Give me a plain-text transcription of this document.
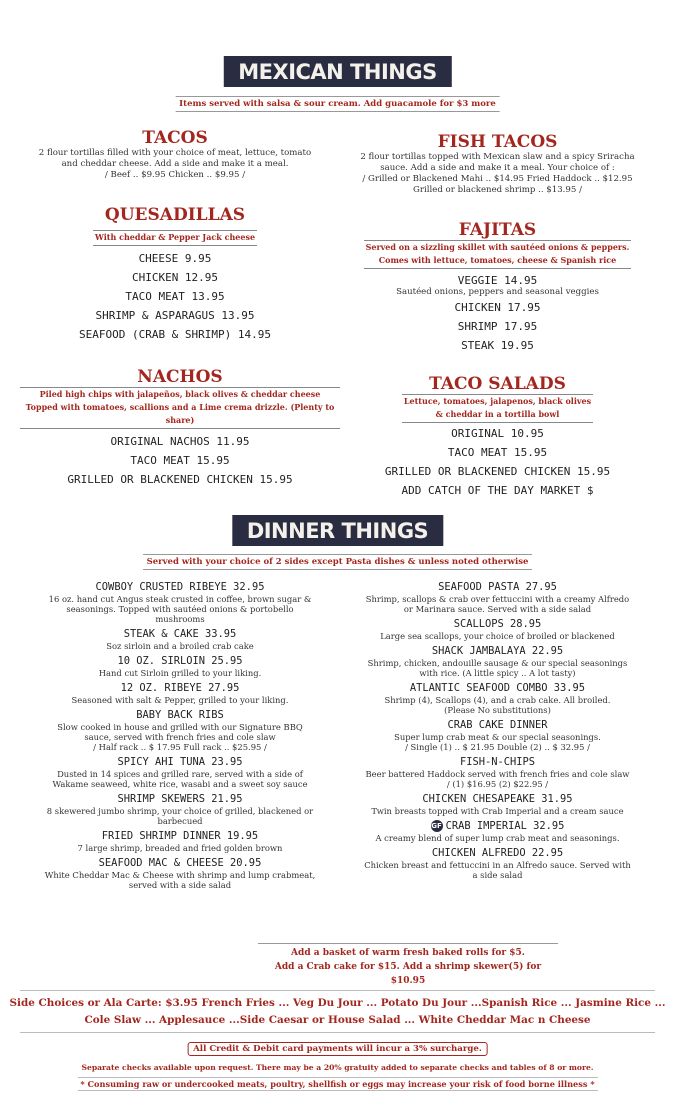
MEXICAN THINGS
Items served with salsa & sour cream. Add guacamole for $3 more
TACOS
2 flour tortillas filled with your choice of meat, lettuce, tomato
and cheddar cheese. Add a side and make it a meal.
/ Beef .. $9.95 Chicken .. $9.95 /
FISH TACOS
2 flour tortillas topped with Mexican slaw and a spicy Sriracha
sauce. Add a side and make it a meal. Your choice of :
/ Grilled or Blackened Mahi .. $14.95 Fried Haddock .. $12.95
Grilled or blackened shrimp .. $13.95 /
QUESADILLAS
With cheddar & Pepper Jack cheese
CHEESE 9.95
CHICKEN 12.95
TACO MEAT 13.95
SHRIMP & ASPARAGUS 13.95
SEAFOOD (CRAB & SHRIMP) 14.95
FAJITAS
Served on a sizzling skillet with sautéed onions & peppers.
Comes with lettuce, tomatoes, cheese & Spanish rice
VEGGIE 14.95
Sautéed onions, peppers and seasonal veggies
CHICKEN 17.95
SHRIMP 17.95
STEAK 19.95
NACHOS
Piled high chips with jalapeños, black olives & cheddar cheese
Topped with tomatoes, scallions and a Lime crema drizzle. (Plenty to share)
ORIGINAL NACHOS 11.95
TACO MEAT 15.95
GRILLED OR BLACKENED CHICKEN 15.95
TACO SALADS
Lettuce, tomatoes, jalapenos, black olives
& cheddar in a tortilla bowl
ORIGINAL 10.95
TACO MEAT 15.95
GRILLED OR BLACKENED CHICKEN 15.95
ADD CATCH OF THE DAY MARKET $
DINNER THINGS
Served with your choice of 2 sides except Pasta dishes & unless noted otherwise
COWBOY CRUSTED RIBEYE 32.95
16 oz. hand cut Angus steak crusted in coffee, brown sugar &
seasonings. Topped with sautéed onions & portobello
mushrooms
STEAK & CAKE 33.95
Soz sirloin and a broiled crab cake
10 OZ. SIRLOIN 25.95
Hand cut Sirloin grilled to your liking.
12 OZ. RIBEYE 27.95
Seasoned with salt & Pepper, grilled to your liking.
BABY BACK RIBS
Slow cooked in house and grilled with our Signature BBQ
sauce, served with french fries and cole slaw
/ Half rack .. $ 17.95 Full rack .. $25.95 /
SPICY AHI TUNA 23.95
Dusted in 14 spices and grilled rare, served with a side of
Wakame seaweed, white rice, wasabi and a sweet soy sauce
SHRIMP SKEWERS 21.95
8 skewered jumbo shrimp, your choice of grilled, blackened or
barbecued
FRIED SHRIMP DINNER 19.95
7 large shrimp, breaded and fried golden brown
SEAFOOD MAC & CHEESE 20.95
White Cheddar Mac & Cheese with shrimp and lump crabmeat,
served with a side salad
SEAFOOD PASTA 27.95
Shrimp, scallops & crab over fettuccini with a creamy Alfredo
or Marinara sauce. Served with a side salad
SCALLOPS 28.95
Large sea scallops, your choice of broiled or blackened
SHACK JAMBALAYA 22.95
Shrimp, chicken, andouille sausage & our special seasonings
with rice. (A little spicy .. A lot tasty)
ATLANTIC SEAFOOD COMBO 33.95
Shrimp (4), Scallops (4), and a crab cake. All broiled.
(Please No substitutions)
CRAB CAKE DINNER
Super lump crab meat & our special seasonings.
/ Single (1) .. $ 21.95 Double (2) .. $ 32.95 /
FISH-N-CHIPS
Beer battered Haddock served with french fries and cole slaw
/ (1) $16.95 (2) $22.95 /
CHICKEN CHESAPEAKE 31.95
Twin breasts topped with Crab Imperial and a cream sauce
GF CRAB IMPERIAL 32.95
A creamy blend of super lump crab meat and seasonings.
CHICKEN ALFREDO 22.95
Chicken breast and fettuccini in an Alfredo sauce. Served with
a side salad
Add a basket of warm fresh baked rolls for $5.
Add a Crab cake for $15. Add a shrimp skewer(5) for $10.95
Side Choices or Ala Carte: $3.95 French Fries ... Veg Du Jour ... Potato Du Jour ...Spanish Rice ... Jasmine Rice ...
Cole Slaw ... Applesauce ...Side Caesar or House Salad ... White Cheddar Mac n Cheese
All Credit & Debit card payments will incur a 3% surcharge.
Separate checks available upon request. There may be a 20% gratuity added to separate checks and tables of 8 or more.
* Consuming raw or undercooked meats, poultry, shellfish or eggs may increase your risk of food borne illness *
